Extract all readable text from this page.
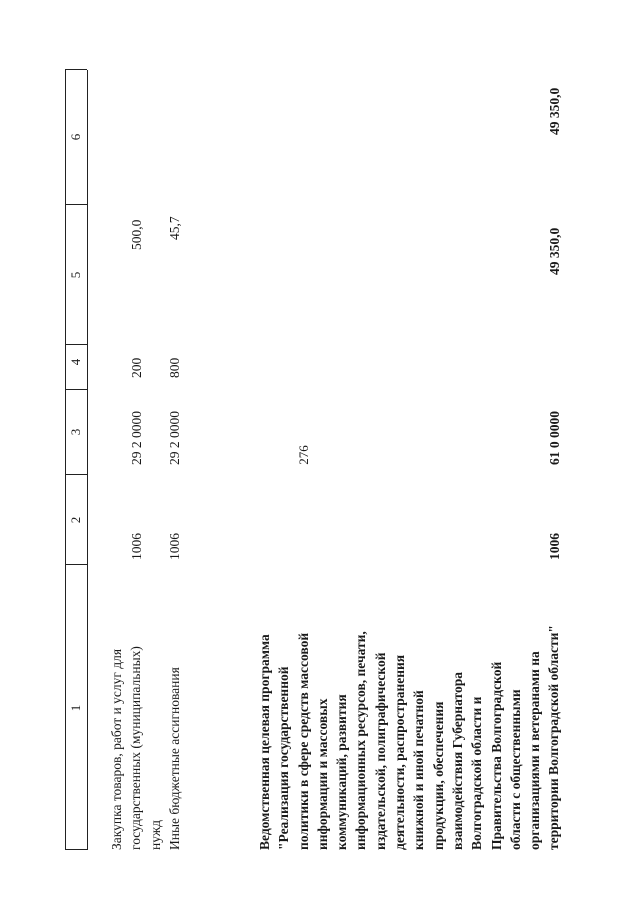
276
1
2
3
4
5
6
Закупка товаров, работ и услуг для государственных (муниципальных) нужд
1006
29 2 0000
200
500,0
Иные бюджетные ассигнования
1006
29 2 0000
800
45,7
Ведомственная целевая программа "Реализация государственной политики в сфере средств массовой информации и массовых коммуникаций, развития информационных ресурсов, печати, издательской, полиграфической деятельности, распространения книжной и иной печатной продукции, обеспечения взаимодействия Губернатора Волгоградской области и Правительства Волгоградской области с общественными организациями и ветеранами на территории Волгоградской области"
1006
61 0 0000
49 350,0
49 350,0
